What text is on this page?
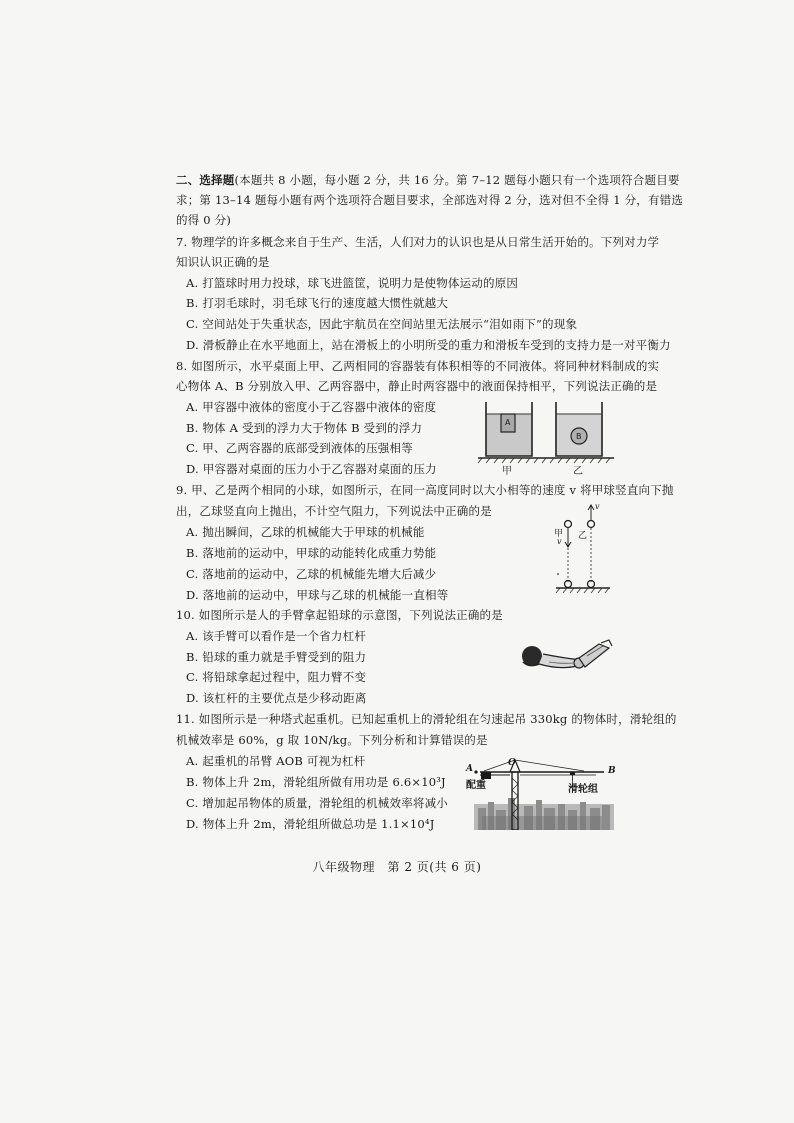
二、选择题(本题共 8 小题，每小题 2 分，共 16 分。第 7–12 题每小题只有一个选项符合题目要
求；第 13–14 题每小题有两个选项符合题目要求，全部选对得 2 分，选对但不全得 1 分，有错选
的得 0 分)
7. 物理学的许多概念来自于生产、生活，人们对力的认识也是从日常生活开始的。下列对力学
知识认识正确的是
A. 打篮球时用力投球，球飞进篮筐，说明力是使物体运动的原因
B. 打羽毛球时，羽毛球飞行的速度越大惯性就越大
C. 空间站处于失重状态，因此宇航员在空间站里无法展示“泪如雨下”的现象
D. 滑板静止在水平地面上，站在滑板上的小明所受的重力和滑板车受到的支持力是一对平衡力
8. 如图所示，水平桌面上甲、乙两相同的容器装有体积相等的不同液体。将同种材料制成的实
心物体 A、B 分别放入甲、乙两容器中，静止时两容器中的液面保持相平，下列说法正确的是
A. 甲容器中液体的密度小于乙容器中液体的密度
B. 物体 A 受到的浮力大于物体 B 受到的浮力
C. 甲、乙两容器的底部受到液体的压强相等
D. 甲容器对桌面的压力小于乙容器对桌面的压力
A
B
甲	乙
9. 甲、乙是两个相同的小球，如图所示，在同一高度同时以大小相等的速度 v 将甲球竖直向下抛
出，乙球竖直向上抛出，不计空气阻力，下列说法中正确的是
A. 抛出瞬间，乙球的机械能大于甲球的机械能
B. 落地前的运动中，甲球的动能转化成重力势能
C. 落地前的运动中，乙球的机械能先增大后减少
D. 落地前的运动中，甲球与乙球的机械能一直相等
甲
v
乙
v
10. 如图所示是人的手臂拿起铅球的示意图，下列说法正确的是
A. 该手臂可以看作是一个省力杠杆
B. 铅球的重力就是手臂受到的阻力
C. 将铅球拿起过程中，阻力臂不变
D. 该杠杆的主要优点是少移动距离
11. 如图所示是一种塔式起重机。已知起重机上的滑轮组在匀速起吊 330kg 的物体时，滑轮组的
机械效率是 60%，g 取 10N/kg。下列分析和计算错误的是
A. 起重机的吊臂 AOB 可视为杠杆
B. 物体上升 2m，滑轮组所做有用功是 6.6×10³J
C. 增加起吊物体的质量，滑轮组的机械效率将减小
D. 物体上升 2m，滑轮组所做总功是 1.1×10⁴J
A
O
B
配重	滑轮组
八年级物理　第 2 页(共 6 页)
